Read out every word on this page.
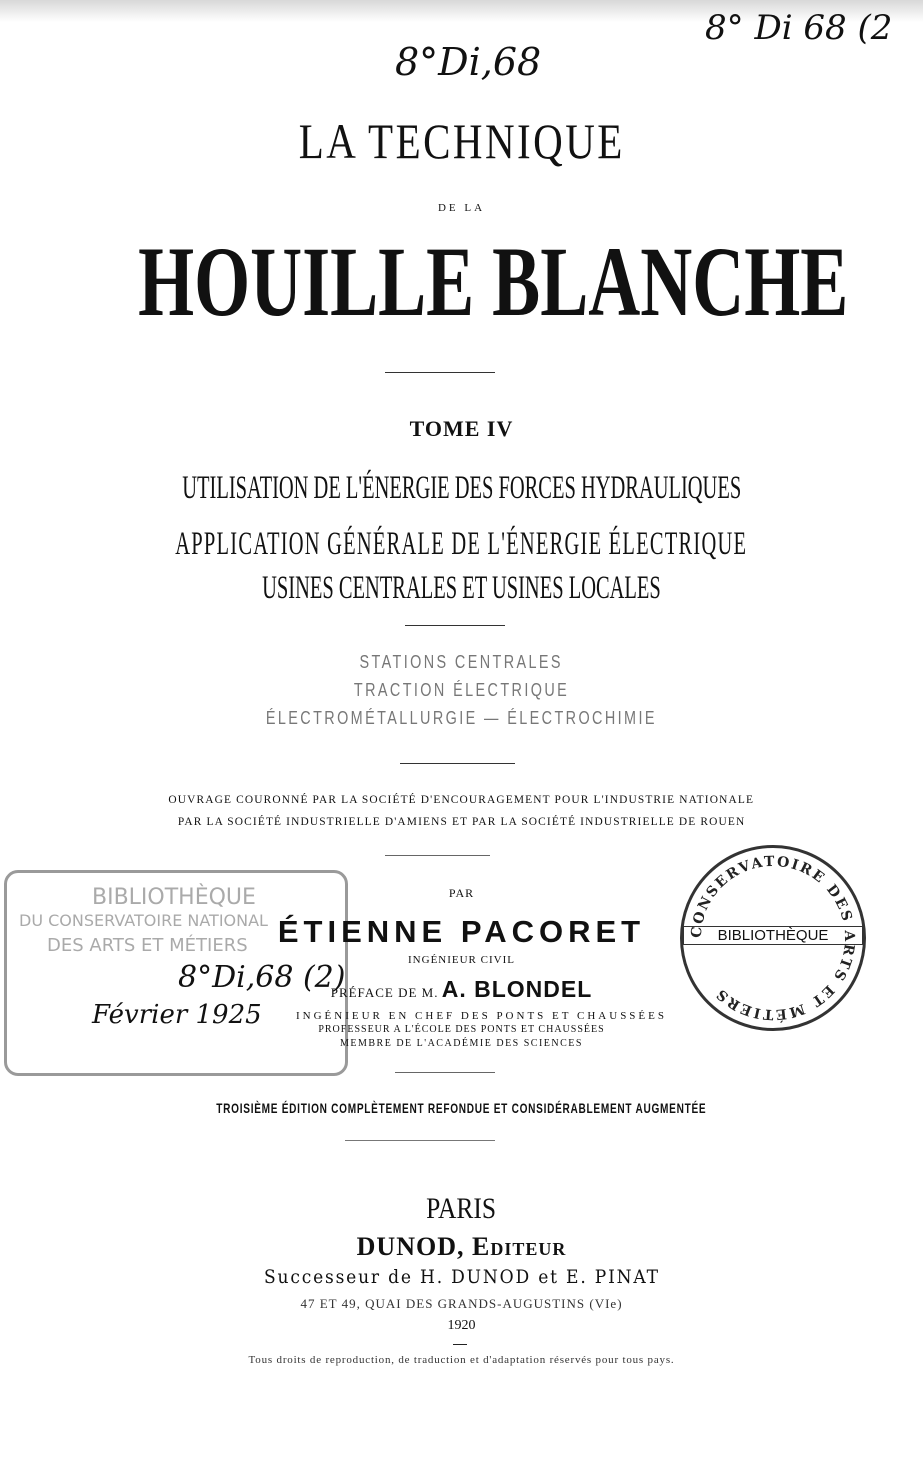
8° Di 68 (2
8°Di,68
LA TECHNIQUE
DE LA
HOUILLE BLANCHE
TOME IV
UTILISATION DE L'ÉNERGIE DES FORCES HYDRAULIQUES
APPLICATION GÉNÉRALE DE L'ÉNERGIE ÉLECTRIQUE
USINES CENTRALES ET USINES LOCALES
STATIONS CENTRALES
TRACTION ÉLECTRIQUE
ÉLECTROMÉTALLURGIE — ÉLECTROCHIMIE
OUVRAGE COURONNÉ PAR LA SOCIÉTÉ D'ENCOURAGEMENT POUR L'INDUSTRIE NATIONALE
PAR LA SOCIÉTÉ INDUSTRIELLE D'AMIENS ET PAR LA SOCIÉTÉ INDUSTRIELLE DE ROUEN
BIBLIOTHÈQUE
DU CONSERVATOIRE NATIONAL
DES ARTS ET MÉTIERS
8°Di,68 (2)
Février 1925
CONSERVATOIRE DES ARTS ET MÉTIERS
BIBLIOTHÈQUE
PAR
ÉTIENNE PACORET
INGÉNIEUR CIVIL
PRÉFACE DE M. A. BLONDEL
INGÉNIEUR EN CHEF DES PONTS ET CHAUSSÉES
PROFESSEUR A L'ÉCOLE DES PONTS ET CHAUSSÉES
MEMBRE DE L'ACADÉMIE DES SCIENCES
TROISIÈME ÉDITION COMPLÈTEMENT REFONDUE ET CONSIDÉRABLEMENT AUGMENTÉE
PARIS
DUNOD, Editeur
Successeur de H. DUNOD et E. PINAT
47 ET 49, QUAI DES GRANDS-AUGUSTINS (VIe)
1920
Tous droits de reproduction, de traduction et d'adaptation réservés pour tous pays.
